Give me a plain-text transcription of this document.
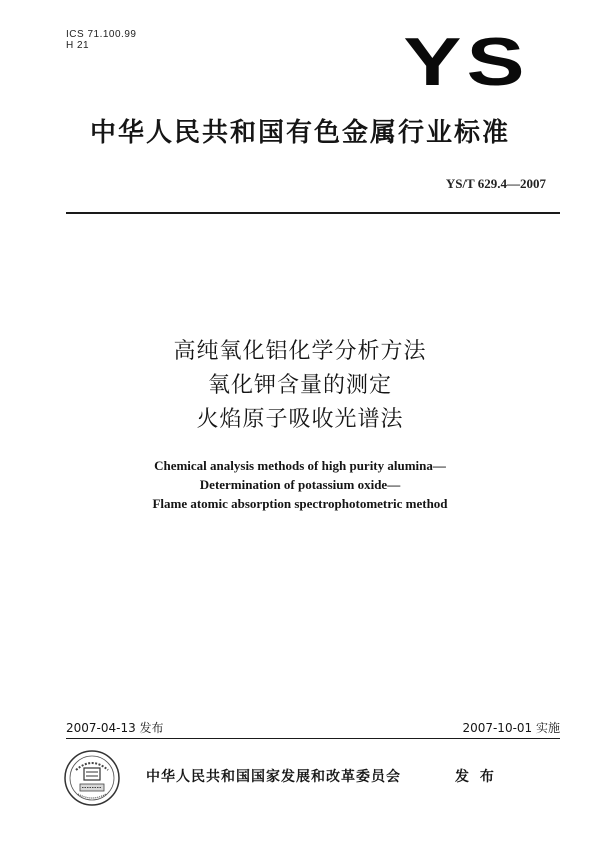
ICS 71.100.99
H 21	YS
中华人民共和国有色金属行业标准
YS/T 629.4—2007
高纯氧化铝化学分析方法
氧化钾含量的测定
火焰原子吸收光谱法
Chemical analysis methods of high purity alumina—
Determination of potassium oxide—
Flame atomic absorption spectrophotometric method
2007-04-13 发布	2007-10-01 实施
中华人民共和国国家发展和改革委员会	发 布
